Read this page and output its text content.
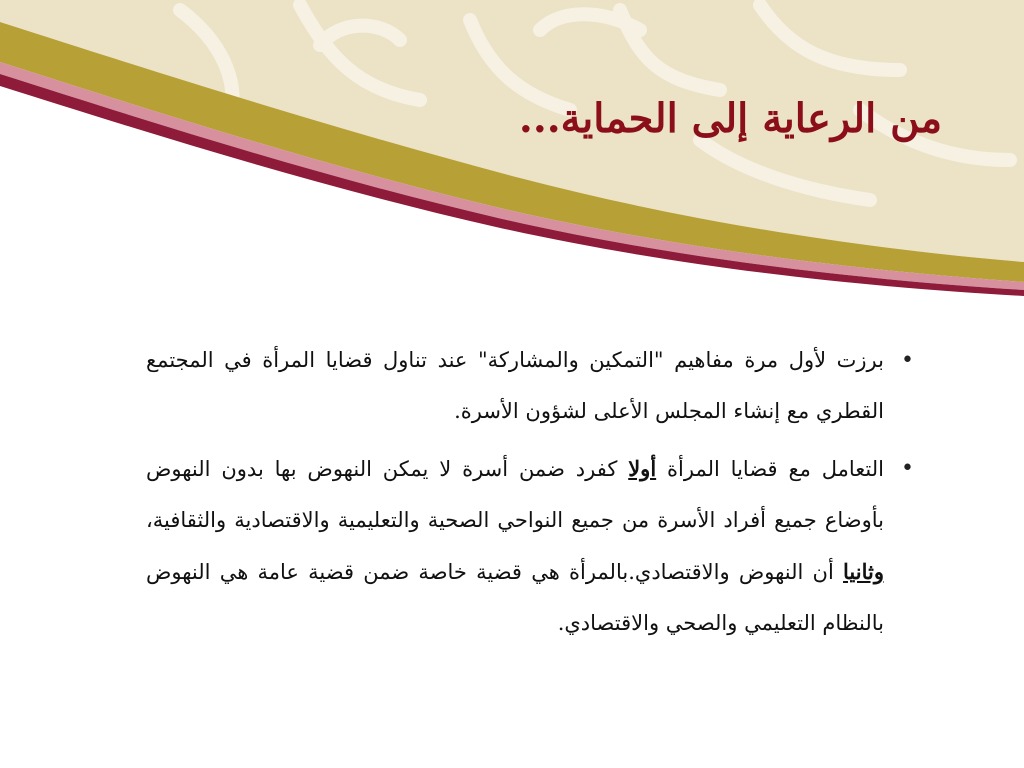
من الرعاية إلى الحماية...
•
برزت لأول مرة مفاهيم "التمكين والمشاركة" عند تناول قضايا المرأة في المجتمع القطري مع إنشاء المجلس الأعلى لشؤون الأسرة.
•
التعامل مع قضايا المرأة أولا كفرد ضمن أسرة لا يمكن النهوض بها بدون النهوض بأوضاع جميع أفراد الأسرة من جميع النواحي الصحية والتعليمية والاقتصادية والثقافية، وثانيا أن النهوض والاقتصادي.بالمرأة هي قضية خاصة ضمن قضية عامة هي النهوض بالنظام التعليمي والصحي والاقتصادي.
